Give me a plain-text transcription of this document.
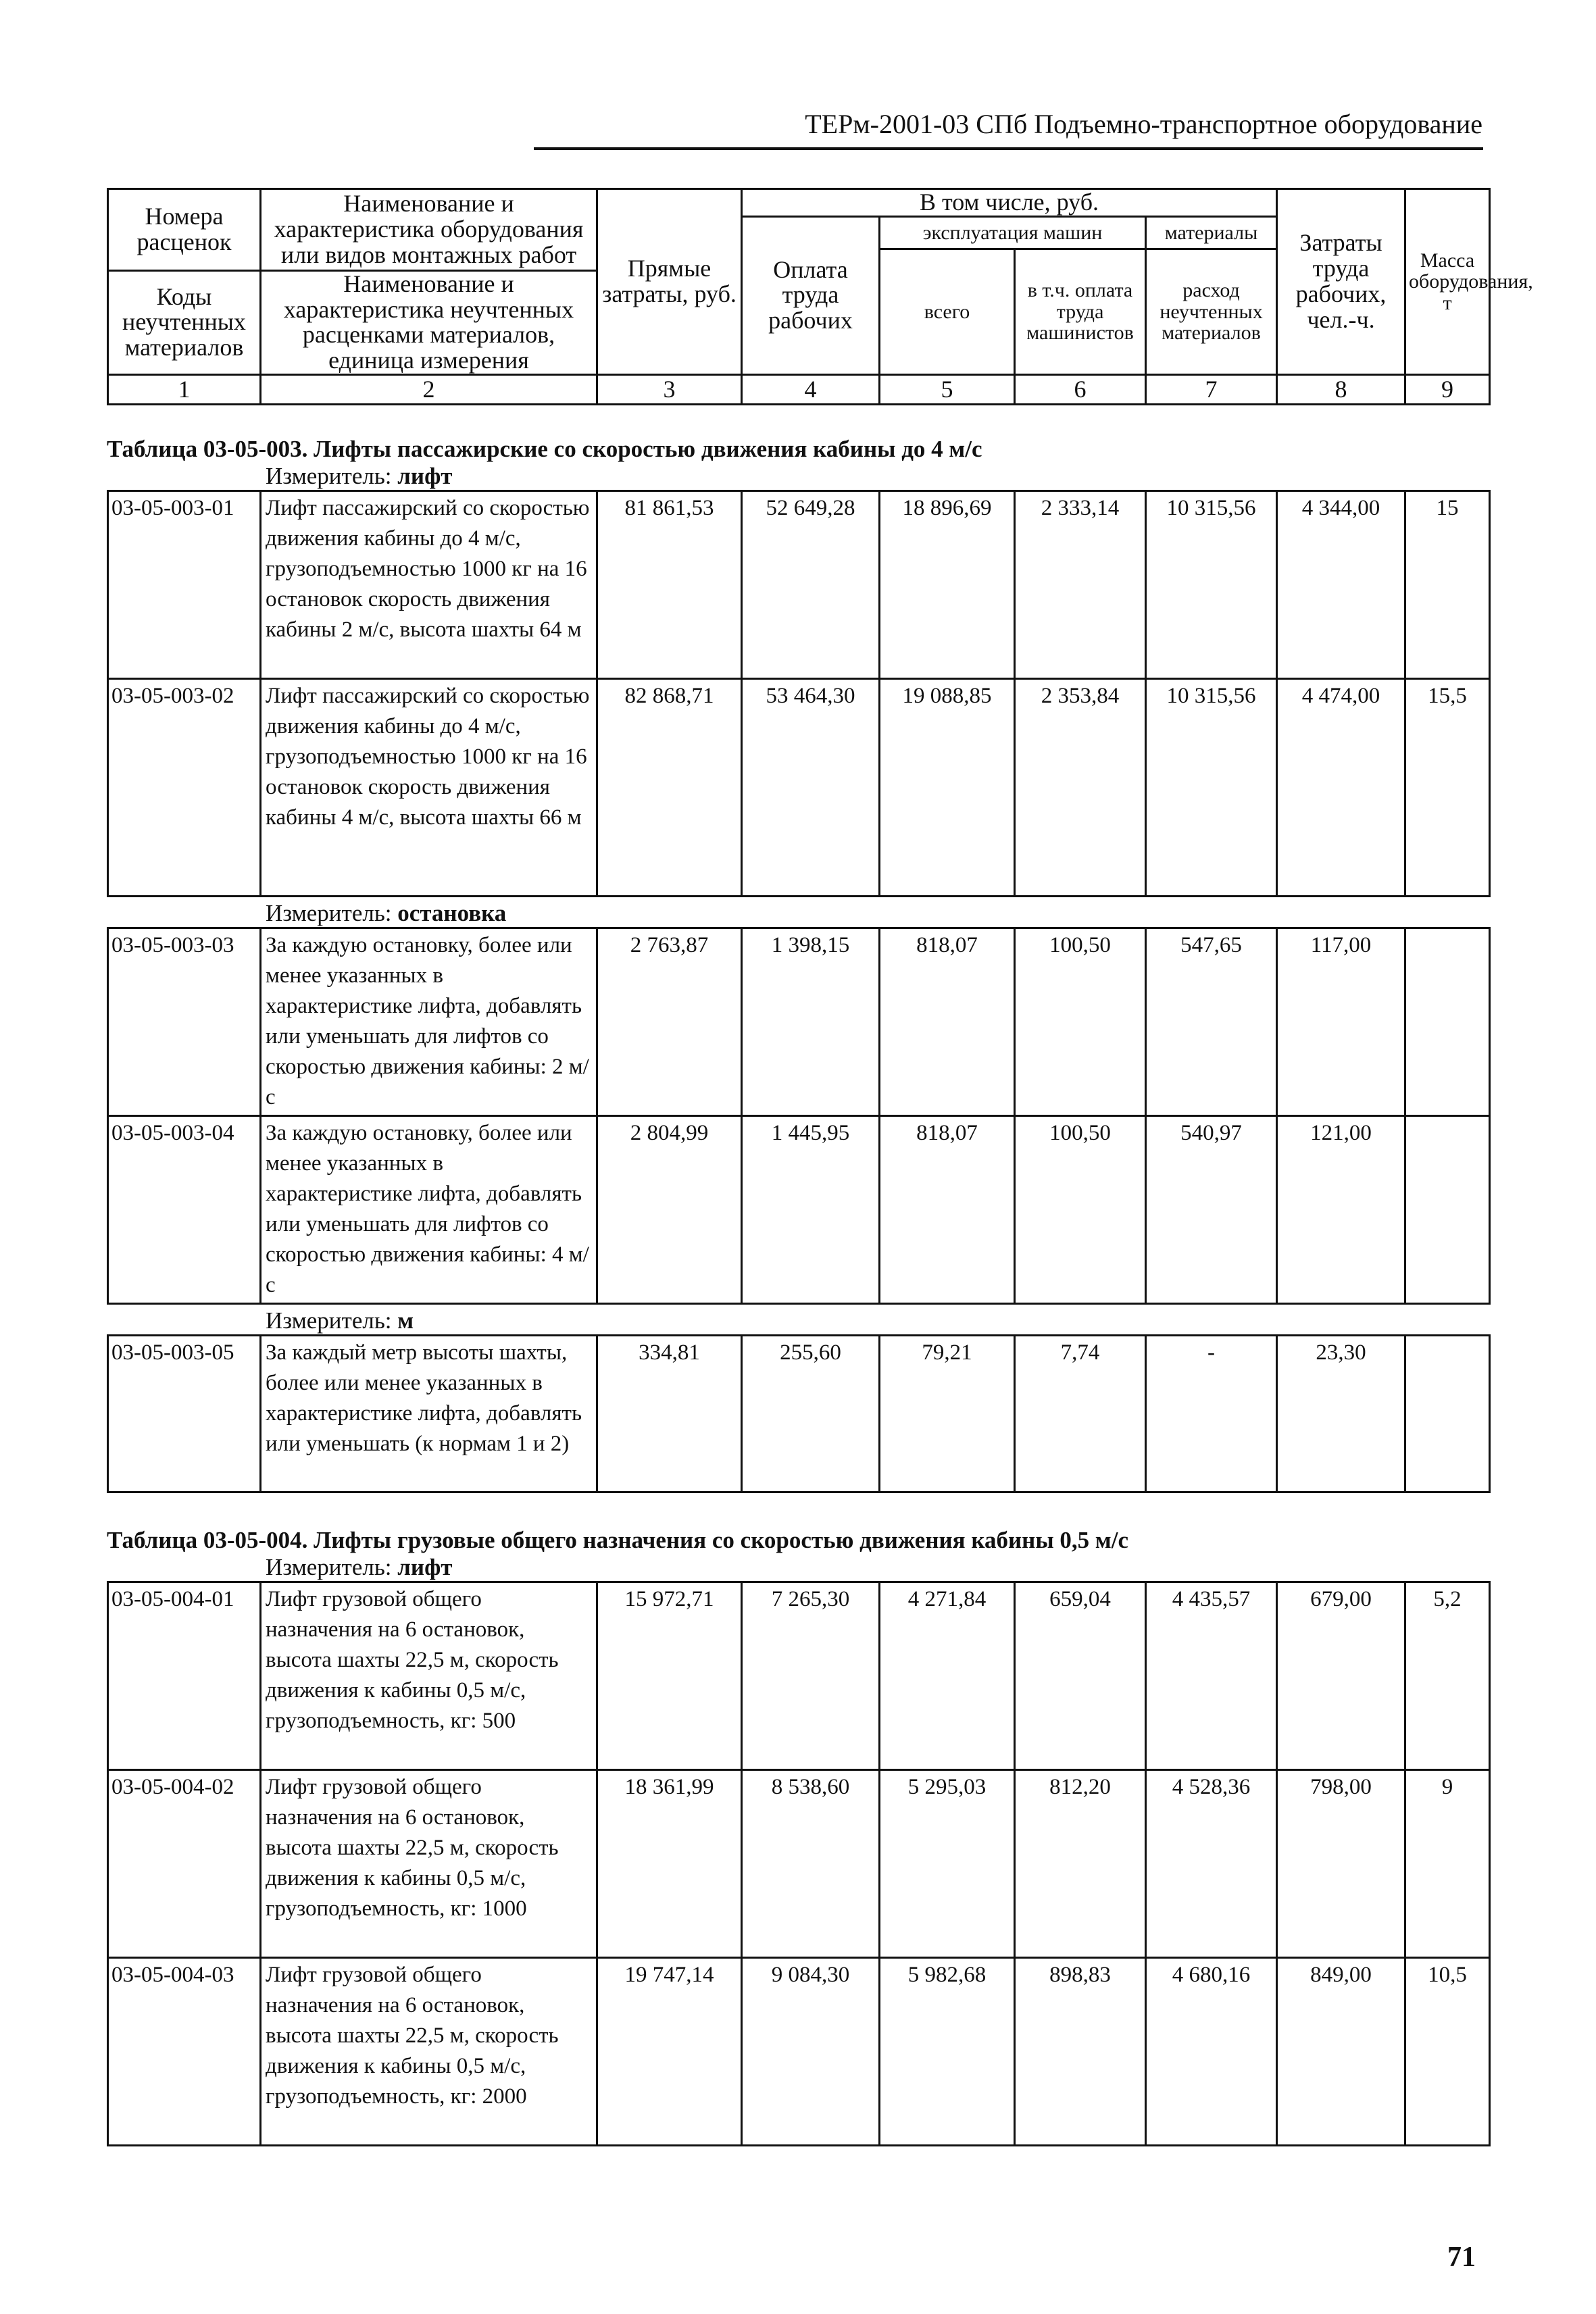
ТЕРм-2001-03 СПб Подъемно-транспортное оборудование
Номера расценок	Наименование и характеристика оборудования или видов монтажных работ	Прямые затраты, руб.	В том числе, руб.				Затраты труда рабочих, чел.-ч.	Масса оборудования, т
			Оплата труда рабочих	эксплуатация машин		материалы		
				всего	в т.ч. оплата труда машинистов	расход неучтенных материалов		
Коды неучтенных материалов	Наименование и характеристика неучтенных расценками материалов, единица измерения							

1	2	3	4	5	6	7	8	9
Таблица 03-05-003. Лифты пассажирские со скоростью движения кабины до 4 м/с
Измеритель: лифт
03-05-003-01	Лифт пассажирский со скоростью движения кабины до 4 м/с, грузоподъемностью 1000 кг на 16 остановок скорость движения кабины 2 м/с, высота шахты 64 м	81 861,53	52 649,28	18 896,69	2 333,14	10 315,56	4 344,00	15
03-05-003-02	Лифт пассажирский со скоростью движения кабины до 4 м/с, грузоподъемностью 1000 кг на 16 остановок скорость движения кабины 4 м/с, высота шахты 66 м	82 868,71	53 464,30	19 088,85	2 353,84	10 315,56	4 474,00	15,5
Измеритель: остановка
03-05-003-03	За каждую остановку, более или менее указанных в характеристике лифта, добавлять или уменьшать для лифтов со скоростью движения кабины: 2 м/с	2 763,87	1 398,15	818,07	100,50	547,65	117,00	
03-05-003-04	За каждую остановку, более или менее указанных в характеристике лифта, добавлять или уменьшать для лифтов со скоростью движения кабины: 4 м/с	2 804,99	1 445,95	818,07	100,50	540,97	121,00	
Измеритель: м
03-05-003-05	За каждый метр высоты шахты, более или менее указанных в характеристике лифта, добавлять или уменьшать (к нормам 1 и 2)	334,81	255,60	79,21	7,74	-	23,30	
Таблица 03-05-004. Лифты грузовые общего назначения со скоростью движения кабины 0,5 м/с
Измеритель: лифт
03-05-004-01	Лифт грузовой общего назначения на 6 остановок, высота шахты 22,5 м, скорость движения к кабины 0,5 м/с, грузоподъемность, кг: 500	15 972,71	7 265,30	4 271,84	659,04	4 435,57	679,00	5,2
03-05-004-02	Лифт грузовой общего назначения на 6 остановок, высота шахты 22,5 м, скорость движения к кабины 0,5 м/с, грузоподъемность, кг: 1000	18 361,99	8 538,60	5 295,03	812,20	4 528,36	798,00	9
03-05-004-03	Лифт грузовой общего назначения на 6 остановок, высота шахты 22,5 м, скорость движения к кабины 0,5 м/с, грузоподъемность, кг: 2000	19 747,14	9 084,30	5 982,68	898,83	4 680,16	849,00	10,5
71
